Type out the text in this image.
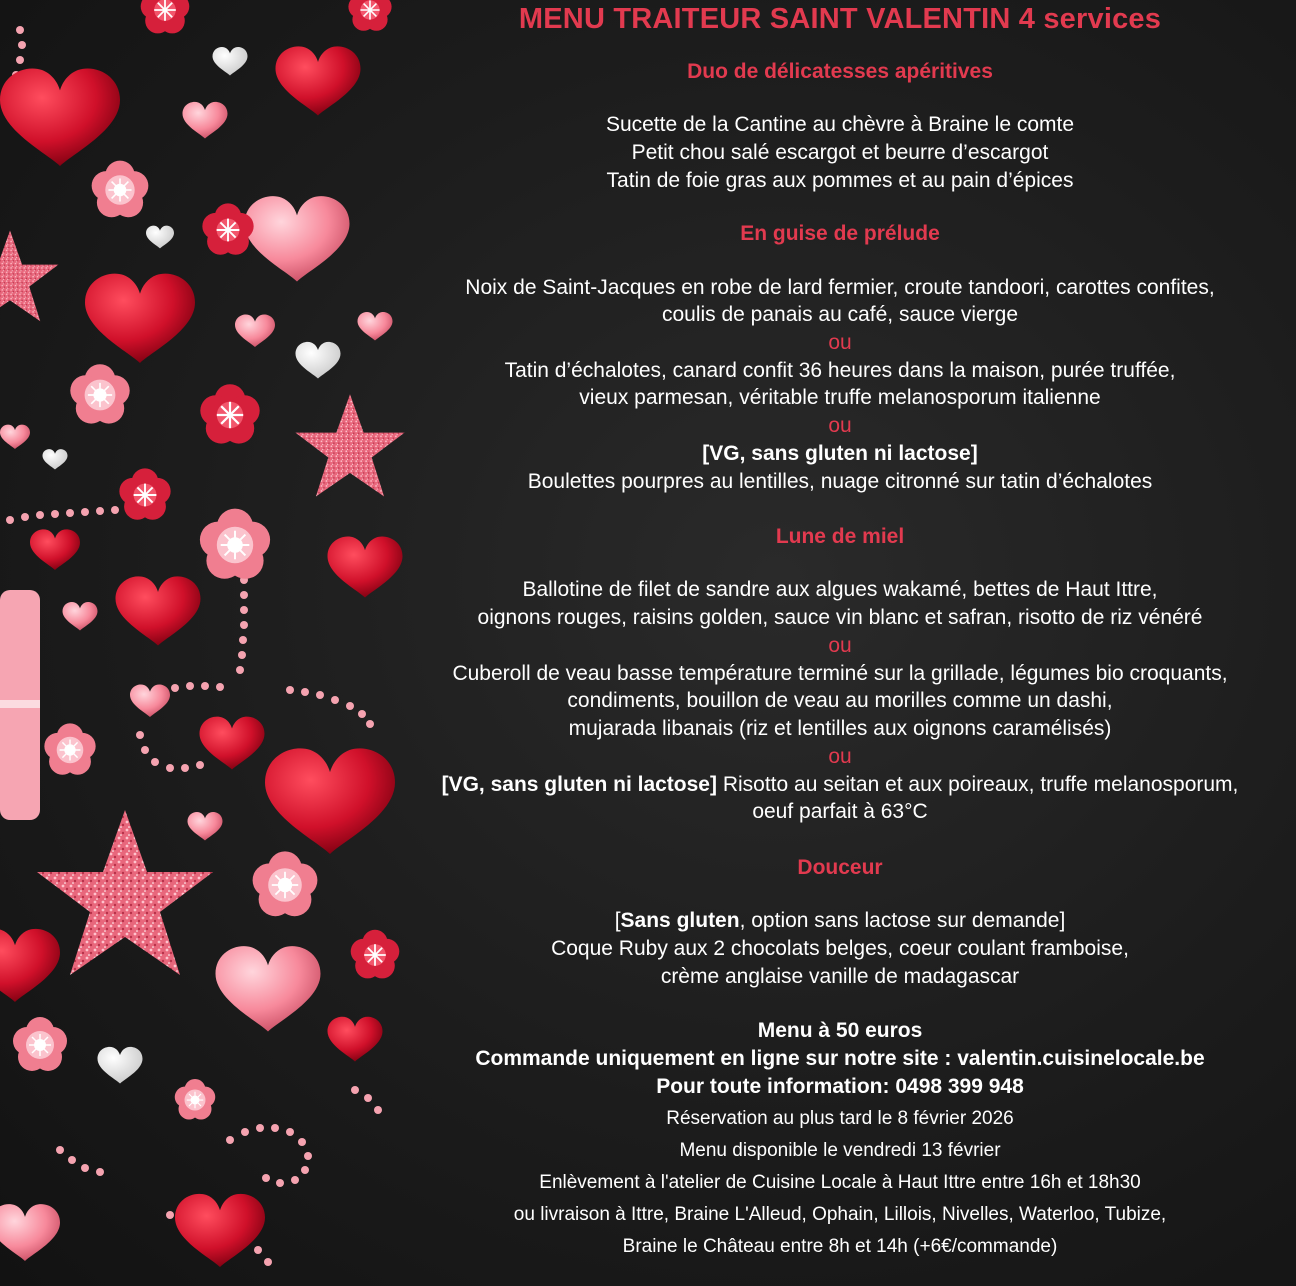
MENU TRAITEUR SAINT VALENTIN 4 services
Duo de délicatesses apéritives
Sucette de la Cantine au chèvre à Braine le comte
Petit chou salé escargot et beurre d’escargot
Tatin de foie gras aux pommes et au pain d’épices
En guise de prélude
Noix de Saint-Jacques en robe de lard fermier, croute tandoori, carottes confites,
coulis de panais au café, sauce vierge
ou
Tatin d’échalotes, canard confit 36 heures dans la maison, purée truffée,
vieux parmesan, véritable truffe melanosporum italienne
ou
[VG, sans gluten ni lactose]
Boulettes pourpres au lentilles, nuage citronné sur tatin d’échalotes
Lune de miel
Ballotine de filet de sandre aux algues wakamé, bettes de Haut Ittre,
oignons rouges, raisins golden, sauce vin blanc et safran, risotto de riz vénéré
ou
Cuberoll de veau basse température terminé sur la grillade, légumes bio croquants,
condiments, bouillon de veau au morilles comme un dashi,
mujarada libanais (riz et lentilles aux oignons caramélisés)
ou
[VG, sans gluten ni lactose] Risotto au seitan et aux poireaux, truffe melanosporum,
oeuf parfait à 63°C
Douceur
[Sans gluten, option sans lactose sur demande]
Coque Ruby aux 2 chocolats belges, coeur coulant framboise,
crème anglaise vanille de madagascar
Menu à 50 euros
Commande uniquement en ligne sur notre site : valentin.cuisinelocale.be
Pour toute information: 0498 399 948
Réservation au plus tard le 8 février 2026
Menu disponible le vendredi 13 février
Enlèvement à l'atelier de Cuisine Locale à Haut Ittre entre 16h et 18h30
ou livraison à Ittre, Braine L'Alleud, Ophain, Lillois, Nivelles, Waterloo, Tubize,
Braine le Château entre 8h et 14h (+6€/commande)
